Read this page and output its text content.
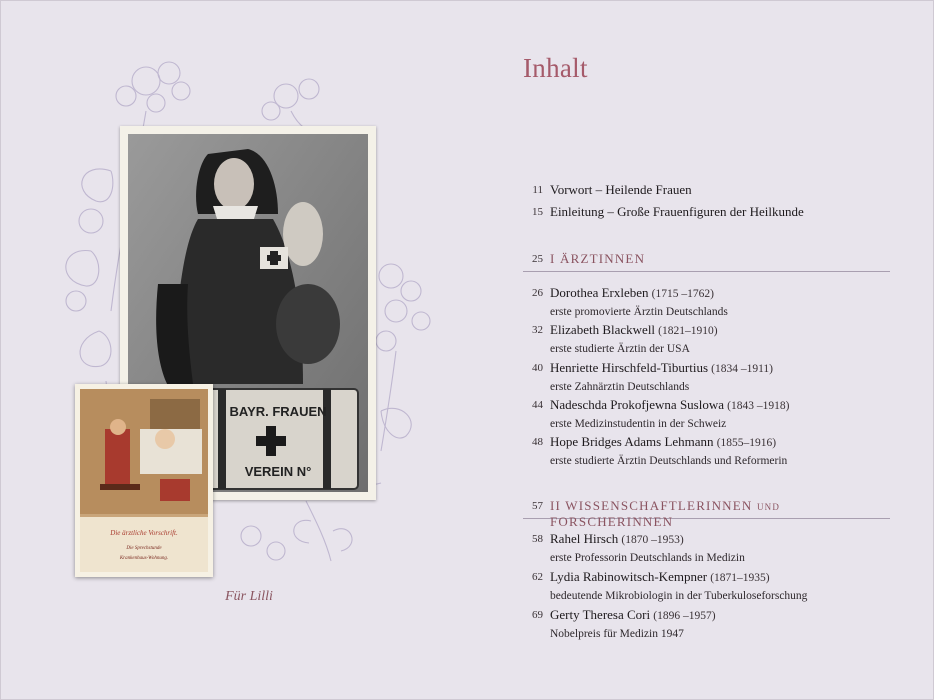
BAYR. FRAUEN
VEREIN N°
Die ärztliche Vorschrift.
Die Sprechstunde
Krankenhaus-Wohnung.
Für Lilli
Inhalt
11 Vorwort – Heilende Frauen
15 Einleitung – Große Frauenfiguren der Heilkunde
25 I ÄRZTINNEN
26 Dorothea Erxleben (1715 –1762)
erste promovierte Ärztin Deutschlands
32 Elizabeth Blackwell (1821–1910)
erste studierte Ärztin der USA
40 Henriette Hirschfeld-Tiburtius (1834 –1911)
erste Zahnärztin Deutschlands
44 Nadeschda Prokofjewna Suslowa (1843 –1918)
erste Medizinstudentin in der Schweiz
48 Hope Bridges Adams Lehmann (1855–1916)
erste studierte Ärztin Deutschlands und Reformerin
57 II WISSENSCHAFTLERINNEN und FORSCHERINNEN
58 Rahel Hirsch (1870 –1953)
erste Professorin Deutschlands in Medizin
62 Lydia Rabinowitsch-Kempner (1871–1935)
bedeutende Mikrobiologin in der Tuberkuloseforschung
69 Gerty Theresa Cori (1896 –1957)
Nobelpreis für Medizin 1947
